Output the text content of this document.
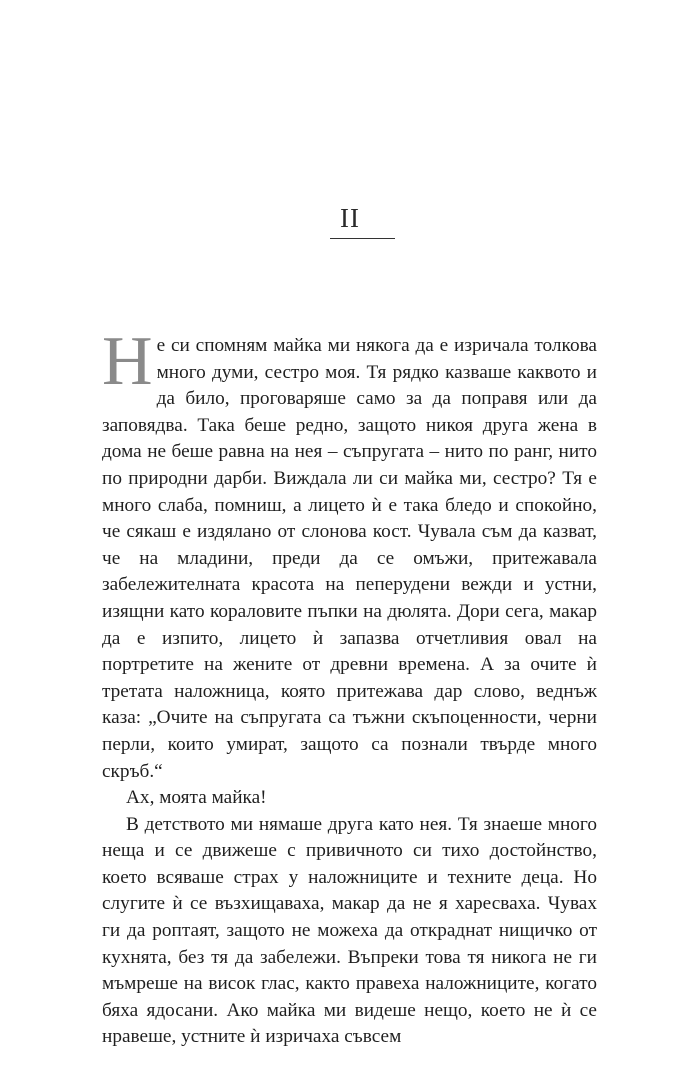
II

Не си спомням майка ми някога да е изричала толкова много думи, сестро моя. Тя рядко казваше каквото и да било, проговаряше само за да поправя или да заповядва. Така беше редно, защото никоя друга жена в дома не беше равна на нея – съпругата – нито по ранг, нито по природни дарби. Виждала ли си майка ми, сестро? Тя е много слаба, помниш, а лицето ѝ е така бледо и спокойно, че сякаш е издялано от слонова кост. Чувала съм да казват, че на младини, преди да се омъжи, притежавала забележителната красота на пеперудени вежди и устни, изящни като кораловите пъпки на дюлята. Дори сега, макар да е изпито, лицето ѝ запазва отчетливия овал на портретите на жените от древни времена. А за очите ѝ третата наложница, която притежава дар слово, веднъж каза: „Очите на съпругата са тъжни скъпоценности, черни перли, които умират, защото са познали твърде много скръб.“

Ах, моята майка!

В детството ми нямаше друга като нея. Тя знаеше много неща и се движеше с привичното си тихо достойнство, което всяваше страх у наложниците и техните деца. Но слугите ѝ се възхищаваха, макар да не я харесваха. Чувах ги да роптаят, защото не можеха да откраднат нищичко от кухнята, без тя да забележи. Въпреки това тя никога не ги мъмреше на висок глас, както правеха наложниците, когато бяха ядосани. Ако майка ми видеше нещо, което не ѝ се нравеше, устните ѝ изричаха съвсем
